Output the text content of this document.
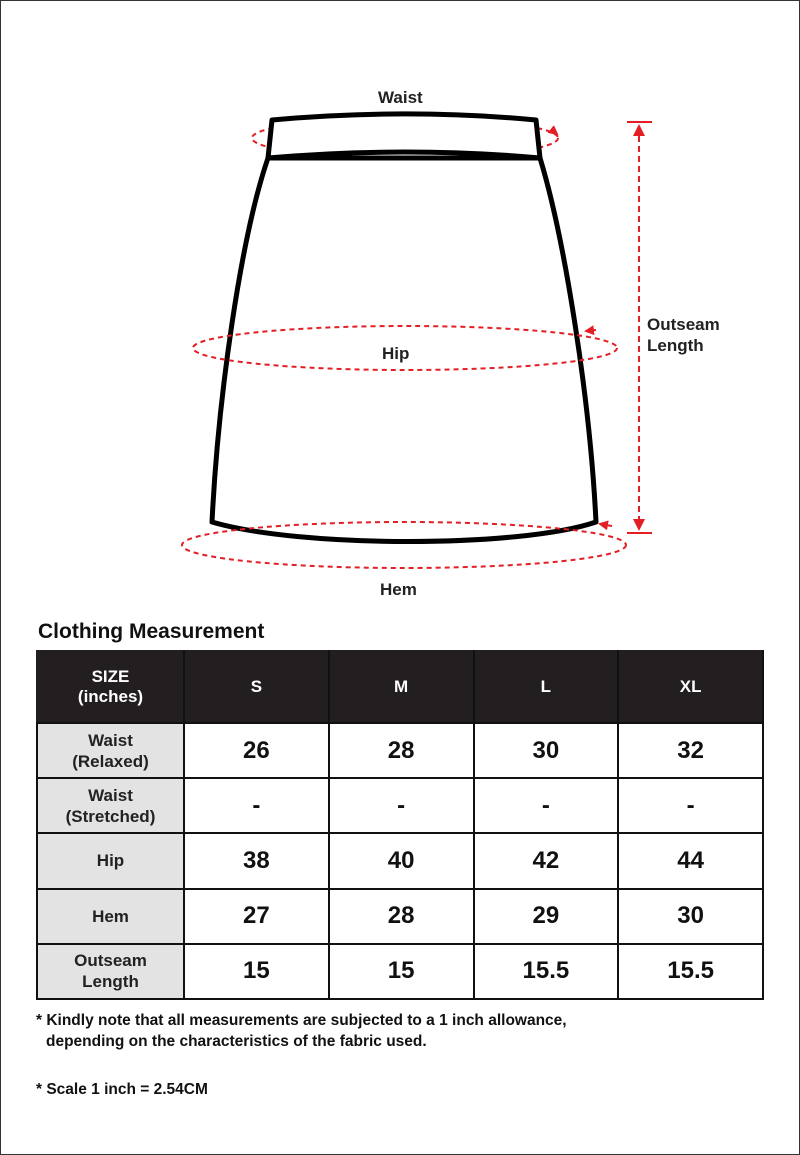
Waist
Hip
Hem
Outseam
Length
Clothing Measurement
SIZE
(inches)	S	M	L	XL

Waist
(Relaxed)	26	28	30	32

Waist
(Stretched)	-	-	-	-
Hip	38	40	42	44
Hem	27	28	29	30

Outseam
Length	15	15	15.5	15.5
* Kindly note that all measurements are subjected to a 1 inch allowance,
depending on the characteristics of the fabric used.
* Scale 1 inch = 2.54CM
